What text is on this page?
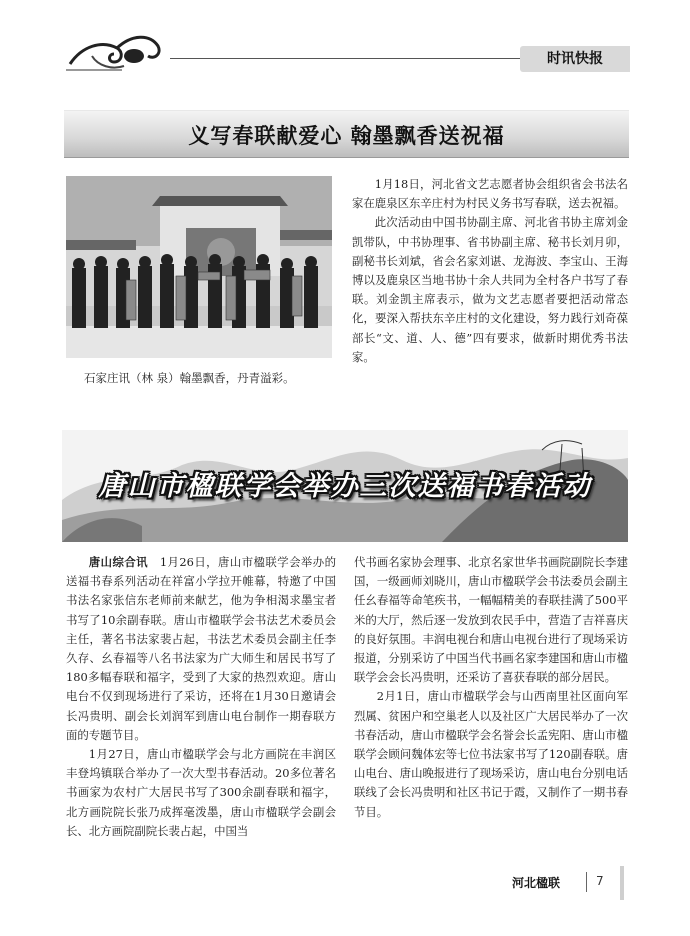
时讯快报
义写春联献爱心 翰墨飘香送祝福
石家庄讯（林 泉）翰墨飘香，丹青溢彩。

1月18日，河北省文艺志愿者协会组织省会书法名家在鹿泉区东辛庄村为村民义务书写春联，送去祝福。

此次活动由中国书协副主席、河北省书协主席刘金凯带队，中书协理事、省书协副主席、秘书长刘月卯，副秘书长刘斌，省会名家刘谌、龙海波、李宝山、王海博以及鹿泉区当地书协十余人共同为全村各户书写了春联。刘金凯主席表示，做为文艺志愿者要把活动常态化，要深入帮扶东辛庄村的文化建设，努力践行刘奇葆部长“文、道、人、德”四有要求，做新时期优秀书法家。

唐山市楹联学会举办三次送福书春活动

唐山综合讯　 1月26日，唐山市楹联学会举办的送福书春系列活动在祥富小学拉开帷幕，特邀了中国书法名家张信东老师前来献艺，他为争相渴求墨宝者书写了10余副春联。唐山市楹联学会书法艺术委员会主任，著名书法家裴占起，书法艺术委员会副主任李久存、幺春福等八名书法家为广大师生和居民书写了180多幅春联和福字，受到了大家的热烈欢迎。唐山电台不仅到现场进行了采访，还将在1月30日邀请会长冯贵明、副会长刘润军到唐山电台制作一期春联方面的专题节目。

1月27日，唐山市楹联学会与北方画院在丰润区丰登坞镇联合举办了一次大型书春活动。20多位著名书画家为农村广大居民书写了300余副春联和福字，北方画院院长张乃成挥毫泼墨，唐山市楹联学会副会长、北方画院副院长裴占起，中国当

代书画名家协会理事、北京名家世华书画院副院长李建国，一级画师刘晓川，唐山市楹联学会书法委员会副主任幺春福等命笔疾书，一幅幅精美的春联挂满了500平米的大厅，然后逐一发放到农民手中，营造了吉祥喜庆的良好氛围。丰润电视台和唐山电视台进行了现场采访报道，分别采访了中国当代书画名家李建国和唐山市楹联学会会长冯贵明，还采访了喜获春联的部分居民。

2月1日，唐山市楹联学会与山西南里社区面向军烈属、贫困户和空巢老人以及社区广大居民举办了一次书春活动，唐山市楹联学会名誉会长孟宪阳、唐山市楹联学会顾问魏体宏等七位书法家书写了120副春联。唐山电台、唐山晚报进行了现场采访，唐山电台分别电话联线了会长冯贵明和社区书记于霞，又制作了一期书春节目。

河北楹联	7
